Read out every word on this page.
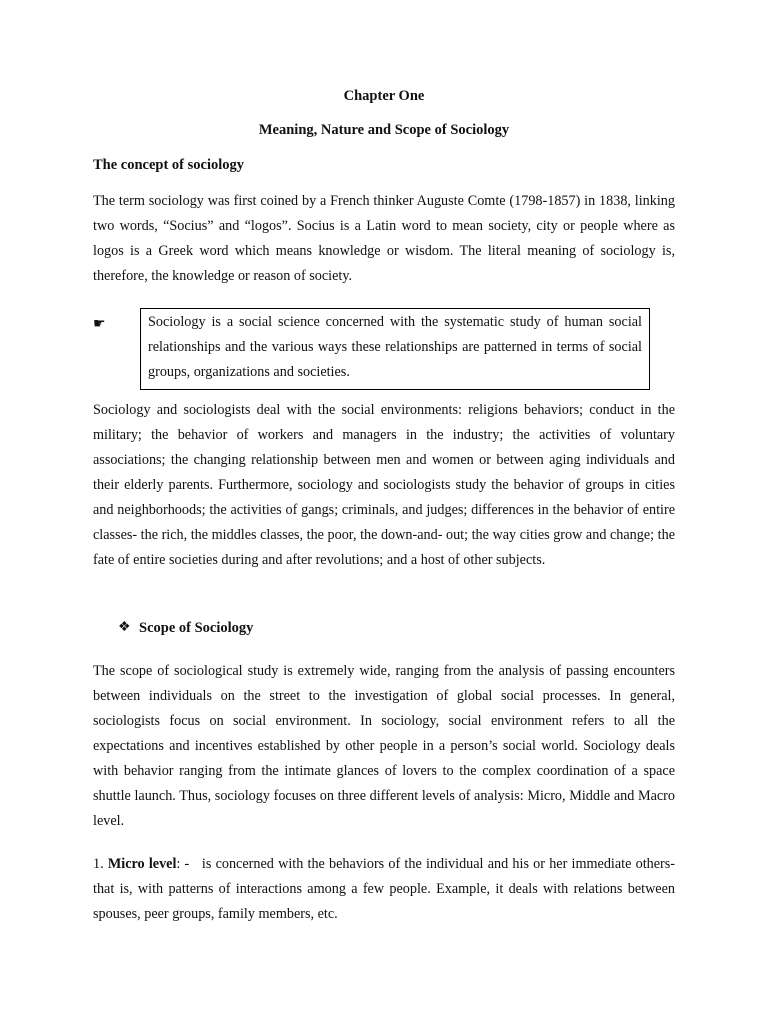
Chapter One

Meaning, Nature and Scope of Sociology

The concept of sociology

The term sociology was first coined by a French thinker Auguste Comte (1798-1857) in 1838, linking two words, “Socius” and “logos”. Socius is a Latin word to mean society, city or people where as logos is a Greek word which means knowledge or wisdom. The literal meaning of sociology is, therefore, the knowledge or reason of society.

☛	Sociology is a social science concerned with the systematic study of human social relationships and the various ways these relationships are patterned in terms of social groups, organizations and societies.

Sociology and sociologists deal with the social environments: religions behaviors; conduct in the military; the behavior of workers and managers in the industry; the activities of voluntary associations; the changing relationship between men and women or between aging individuals and their elderly parents. Furthermore, sociology and sociologists study the behavior of groups in cities and neighborhoods; the activities of gangs; criminals, and judges; differences in the behavior of entire classes- the rich, the middles classes, the poor, the down-and- out; the way cities grow and change; the fate of entire societies during and after revolutions; and a host of other subjects.

❖ Scope of Sociology

The scope of sociological study is extremely wide, ranging from the analysis of passing encounters between individuals on the street to the investigation of global social processes. In general, sociologists focus on social environment. In sociology, social environment refers to all the expectations and incentives established by other people in a person’s social world. Sociology deals with behavior ranging from the intimate glances of lovers to the complex coordination of a space shuttle launch. Thus, sociology focuses on three different levels of analysis: Micro, Middle and Macro level.

1. Micro level: - is concerned with the behaviors of the individual and his or her immediate others- that is, with patterns of interactions among a few people. Example, it deals with relations between spouses, peer groups, family members, etc.
